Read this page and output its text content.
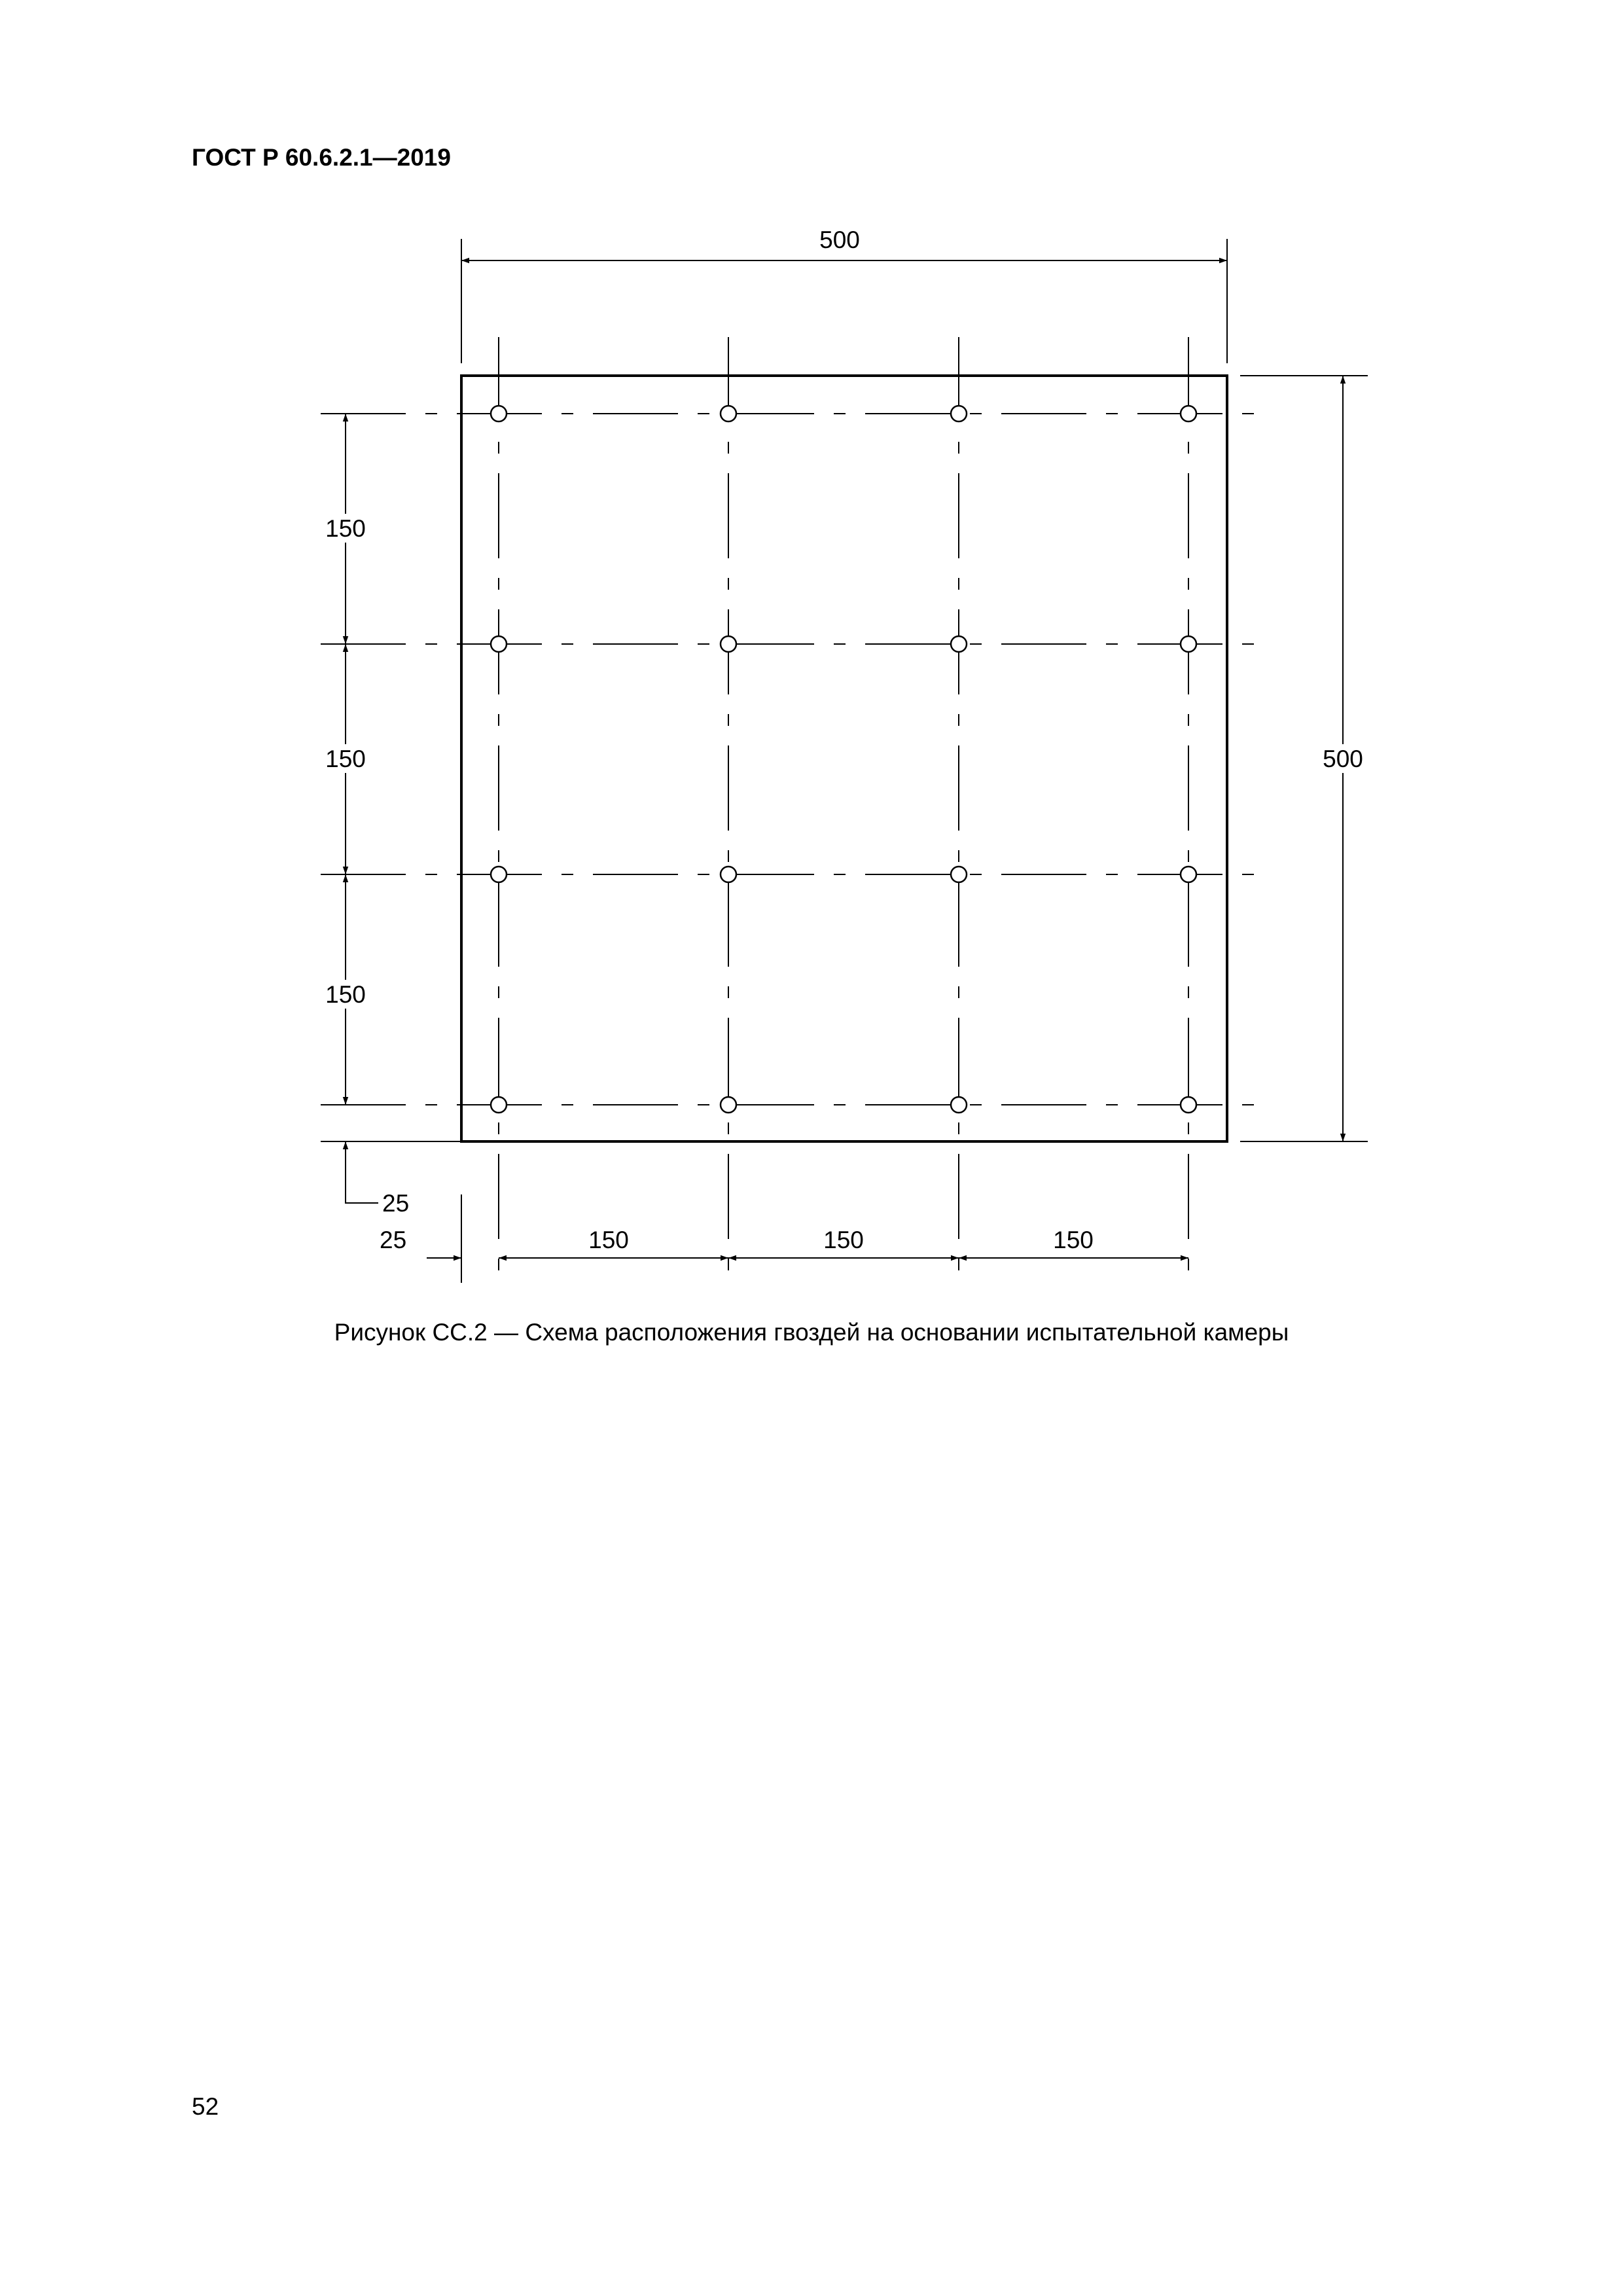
ГОСТ Р 60.6.2.1—2019
500
500
150
150
150
25
25	150	150	150
Рисунок СС.2 — Схема расположения гвоздей на основании испытательной камеры
52
